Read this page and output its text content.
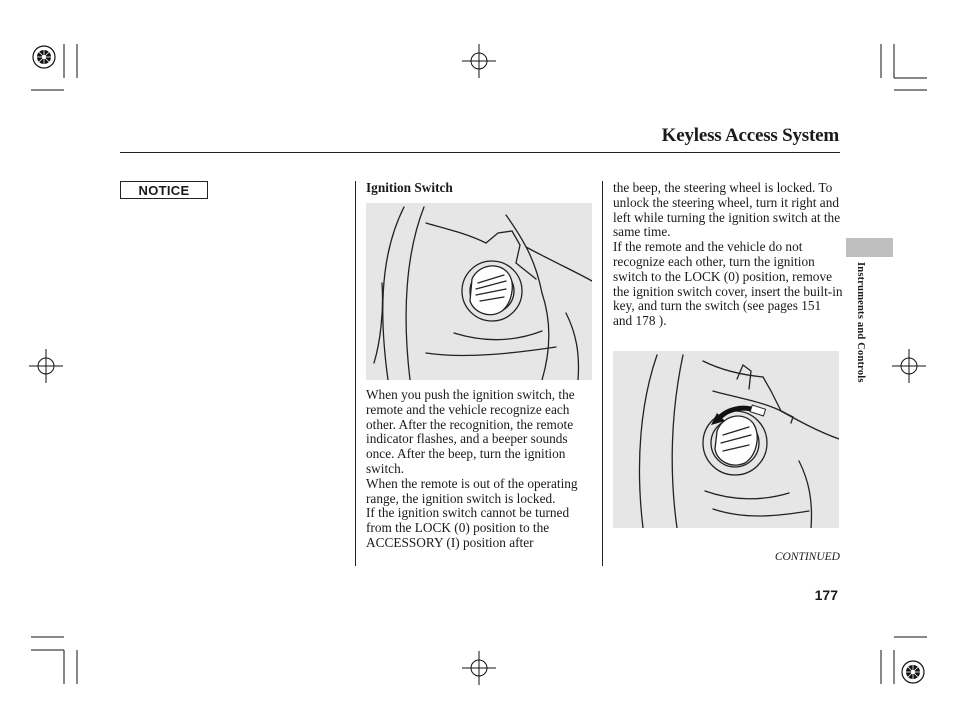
Keyless Access System
NOTICE	Ignition Switch

When you push the ignition switch, the remote and the vehicle recognize each other. After the recognition, the remote indicator flashes, and a beeper sounds once. After the beep, turn the ignition switch.

When the remote is out of the operating range, the ignition switch is locked.

If the ignition switch cannot be turned from the LOCK (0) position to the ACCESSORY (I) position after

the beep, the steering wheel is locked. To unlock the steering wheel, turn it right and left while turning the ignition switch at the same time.

If the remote and the vehicle do not recognize each other, turn the ignition switch to the LOCK (0) position, remove the ignition switch cover, insert the built-in key, and turn the switch (see pages 151 and 178 ).	Instruments and Controls
CONTINUED
177
